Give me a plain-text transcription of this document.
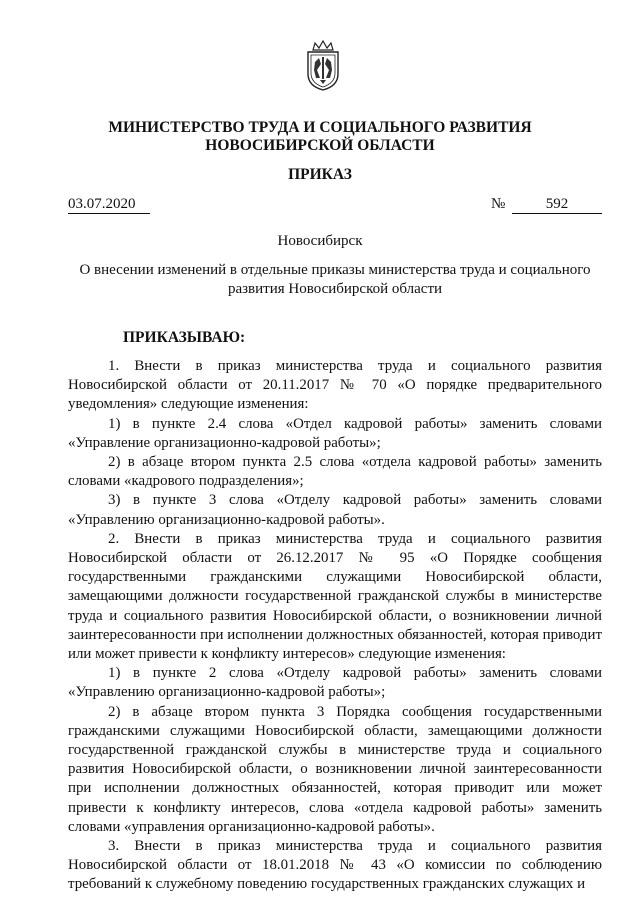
МИНИСТЕРСТВО ТРУДА И СОЦИАЛЬНОГО РАЗВИТИЯ
НОВОСИБИРСКОЙ ОБЛАСТИ
ПРИКАЗ
03.07.2020	№	592
Новосибирск
О внесении изменений в отдельные приказы министерства труда и социального развития Новосибирской области
ПРИКАЗЫВАЮ:

1. Внести в приказ министерства труда и социального развития Новосибирской области от 20.11.2017 № 70 «О порядке предварительного уведомления» следующие изменения:

1) в пункте 2.4 слова «Отдел кадровой работы» заменить словами «Управление организационно-кадровой работы»;

2) в абзаце втором пункта 2.5 слова «отдела кадровой работы» заменить словами «кадрового подразделения»;

3) в пункте 3 слова «Отделу кадровой работы» заменить словами «Управлению организационно-кадровой работы».

2. Внести в приказ министерства труда и социального развития Новосибирской области от 26.12.2017 № 95 «О Порядке сообщения государственными гражданскими служащими Новосибирской области, замещающими должности государственной гражданской службы в министерстве труда и социального развития Новосибирской области, о возникновении личной заинтересованности при исполнении должностных обязанностей, которая приводит или может привести к конфликту интересов» следующие изменения:

1) в пункте 2 слова «Отделу кадровой работы» заменить словами «Управлению организационно-кадровой работы»;

2) в абзаце втором пункта 3 Порядка сообщения государственными гражданскими служащими Новосибирской области, замещающими должности государственной гражданской службы в министерстве труда и социального развития Новосибирской области, о возникновении личной заинтересованности при исполнении должностных обязанностей, которая приводит или может привести к конфликту интересов, слова «отдела кадровой работы» заменить словами «управления организационно-кадровой работы».

3. Внести в приказ министерства труда и социального развития Новосибирской области от 18.01.2018 № 43 «О комиссии по соблюдению требований к служебному поведению государственных гражданских служащих и
